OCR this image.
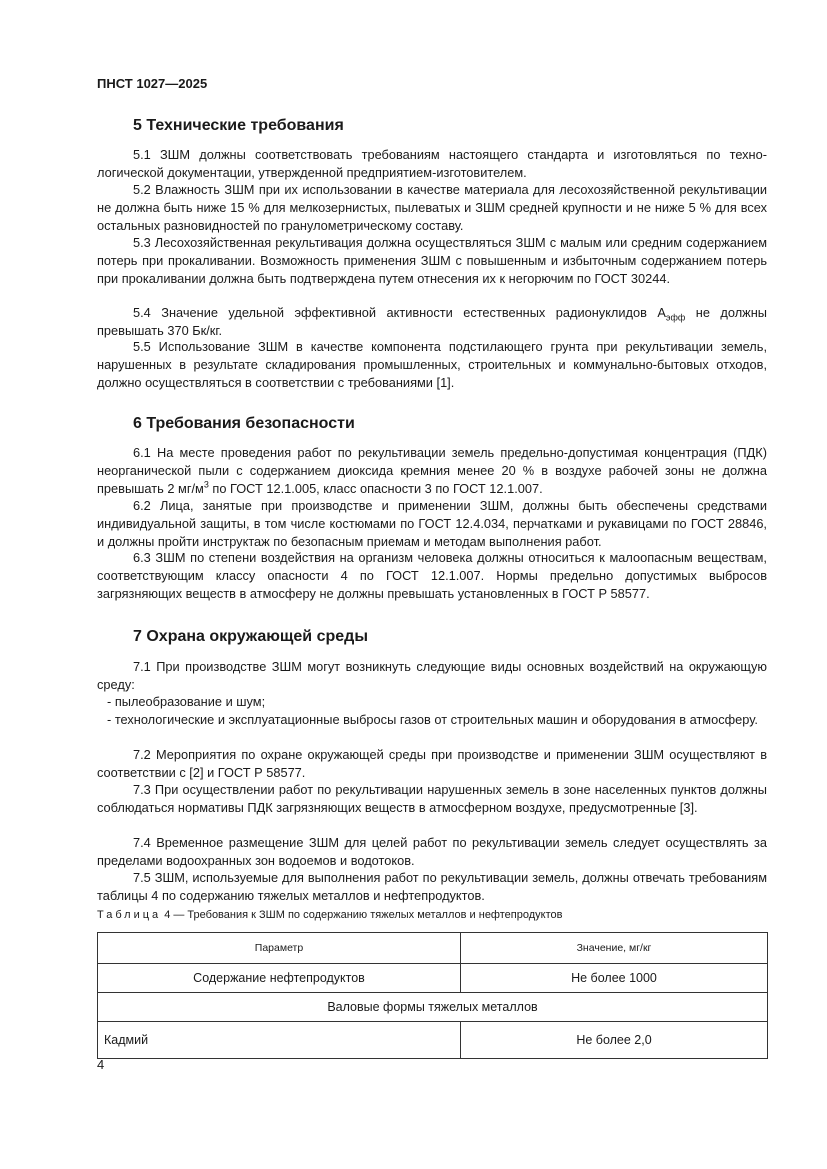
ПНСТ 1027—2025
5 Технические требования

5.1 ЗШМ должны соответствовать требованиям настоящего стандарта и изготовляться по технологической документации, утвержденной предприятием-изготовителем.

5.2 Влажность ЗШМ при их использовании в качестве материала для лесохозяйственной рекультивации не должна быть ниже 15 % для мелкозернистых, пылеватых и ЗШМ средней крупности и не ниже 5 % для всех остальных разновидностей по гранулометрическому составу.

5.3 Лесохозяйственная рекультивация должна осуществляться ЗШМ с малым или средним содержанием потерь при прокаливании. Возможность применения ЗШМ с повышенным и избыточным содержанием потерь при прокаливании должна быть подтверждена путем отнесения их к негорючим по ГОСТ 30244.

5.4 Значение удельной эффективной активности естественных радионуклидов $А_{эфф}$ не должны превышать 370 Бк/кг.

5.5 Использование ЗШМ в качестве компонента подстилающего грунта при рекультивации земель, нарушенных в результате складирования промышленных, строительных и коммунально-бытовых отходов, должно осуществляться в соответствии с требованиями [1].

6 Требования безопасности

6.1 На месте проведения работ по рекультивации земель предельно-допустимая концентрация (ПДК) неорганической пыли с содержанием диоксида кремния менее 20 % в воздухе рабочей зоны не должна превышать 2 $мг/м^3$ по ГОСТ 12.1.005, класс опасности 3 по ГОСТ 12.1.007.

6.2 Лица, занятые при производстве и применении ЗШМ, должны быть обеспечены средствами индивидуальной защиты, в том числе костюмами по ГОСТ 12.4.034, перчатками и рукавицами по ГОСТ 28846, и должны пройти инструктаж по безопасным приемам и методам выполнения работ.

6.3 ЗШМ по степени воздействия на организм человека должны относиться к малоопасным веществам, соответствующим классу опасности 4 по ГОСТ 12.1.007. Нормы предельно допустимых выбросов загрязняющих веществ в атмосферу не должны превышать установленных в ГОСТ Р 58577.

7 Охрана окружающей среды

7.1 При производстве ЗШМ могут возникнуть следующие виды основных воздействий на окружающую среду:

- пылеобразование и шум;

- технологические и эксплуатационные выбросы газов от строительных машин и оборудования в атмосферу.

7.2 Мероприятия по охране окружающей среды при производстве и применении ЗШМ осуществляют в соответствии с [2] и ГОСТ Р 58577.

7.3 При осуществлении работ по рекультивации нарушенных земель в зоне населенных пунктов должны соблюдаться нормативы ПДК загрязняющих веществ в атмосферном воздухе, предусмотренные [3].

7.4 Временное размещение ЗШМ для целей работ по рекультивации земель следует осуществлять за пределами водоохранных зон водоемов и водотоков.

7.5 ЗШМ, используемые для выполнения работ по рекультивации земель, должны отвечать требованиям таблицы 4 по содержанию тяжелых металлов и нефтепродуктов.

Таблица 4 — Требования к ЗШМ по содержанию тяжелых металлов и нефтепродуктов
Параметр	Значение, мг/кг
Содержание нефтепродуктов	Не более 1000
Валовые формы тяжелых металлов	
Кадмий	Не более 2,0
4
